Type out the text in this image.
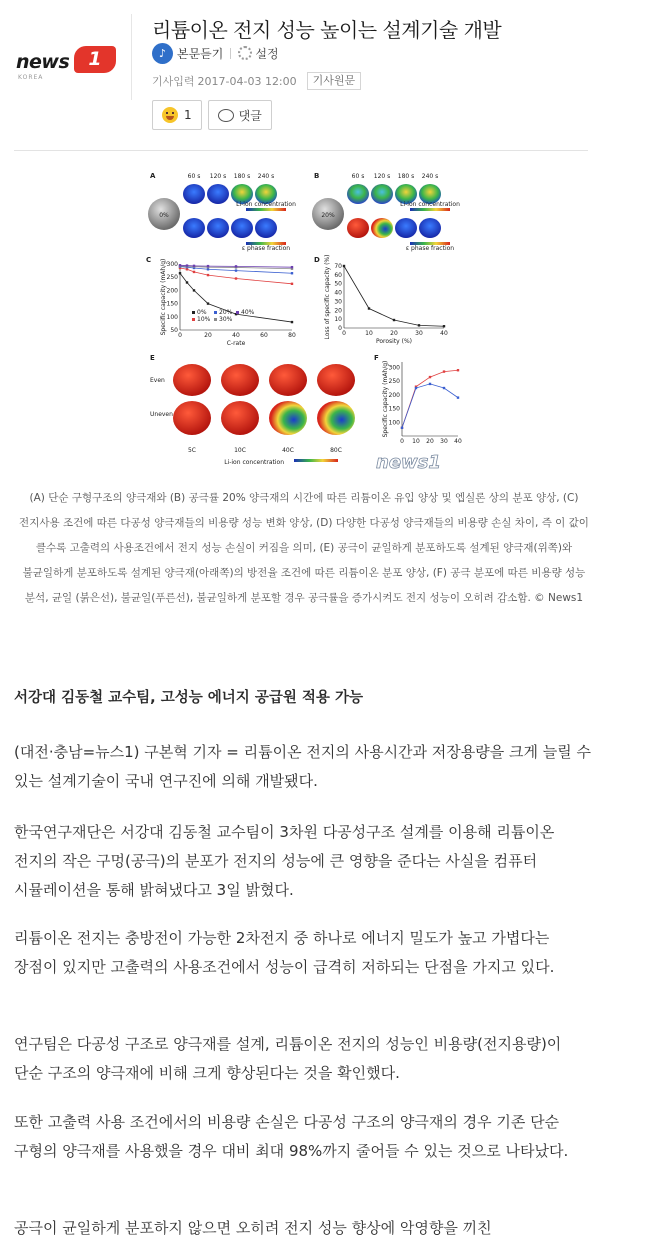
news	1
KOREA
리튬이온 전지 성능 높이는 설계기술 개발
♪ 본문듣기	설정
기사입력 2017-04-03 12:00	기사원문
1	댓글
A
0%
60 s 120 s 180 s 240 s
Li-ion concentration
ε phase fraction
B
20%
60 s 120 s 180 s 240 s
Li-ion concentration
ε phase fraction
C
0	20	40	60	80
50
100
150
200
250
300
C-rate
Specific capacity (mAh/g)	0%
10%
20%
30%
40%
D
0	10	20	30	40
0
10
20
30
40
50
60
70
Porosity (%)
Loss of specific capacity (%)
E
Even
Uneven
5C	10C	40C	80C
Li-ion concentration
F
0 10 20 30 40
100
150
200
250
300
Specific capacity (mAh/g)
news1

(A) 단순 구형구조의 양극재와 (B) 공극률 20% 양극재의 시간에 따른 리튬이온 유입 양상 및 엡실론 상의 분포 양상, (C) 전지사용 조건에 따른 다공성 양극재들의 비용량 성능 변화 양상, (D) 다양한 다공성 양극재들의 비용량 손실 차이, 즉 이 값이 클수록 고출력의 사용조건에서 전지 성능 손실이 커짐을 의미, (E) 공극이 균일하게 분포하도록 설계된 양극재(위쪽)와 불균일하게 분포하도록 설계된 양극재(아래쪽)의 방전율 조건에 따른 리튬이온 분포 양상, (F) 공극 분포에 따른 비용량 성능 분석, 균일 (붉은선), 불균일(푸른선), 불균일하게 분포할 경우 공극률을 증가시켜도 전지 성능이 오히려 감소함. © News1

서강대 김동철 교수팀, 고성능 에너지 공급원 적용 가능

(대전·충남=뉴스1) 구본혁 기자 = 리튬이온 전지의 사용시간과 저장용량을 크게 늘릴 수 있는 설계기술이 국내 연구진에 의해 개발됐다.

한국연구재단은 서강대 김동철 교수팀이 3차원 다공성구조 설계를 이용해 리튬이온 전지의 작은 구멍(공극)의 분포가 전지의 성능에 큰 영향을 준다는 사실을 컴퓨터 시뮬레이션을 통해 밝혀냈다고 3일 밝혔다.

리튬이온 전지는 충방전이 가능한 2차전지 중 하나로 에너지 밀도가 높고 가볍다는 장점이 있지만 고출력의 사용조건에서 성능이 급격히 저하되는 단점을 가지고 있다.

연구팀은 다공성 구조로 양극재를 설계, 리튬이온 전지의 성능인 비용량(전지용량)이 단순 구조의 양극재에 비해 크게 향상된다는 것을 확인했다.

또한 고출력 사용 조건에서의 비용량 손실은 다공성 구조의 양극재의 경우 기존 단순 구형의 양극재를 사용했을 경우 대비 최대 98%까지 줄어들 수 있는 것으로 나타났다.

공극이 균일하게 분포하지 않으면 오히려 전지 성능 향상에 악영향을 끼친
